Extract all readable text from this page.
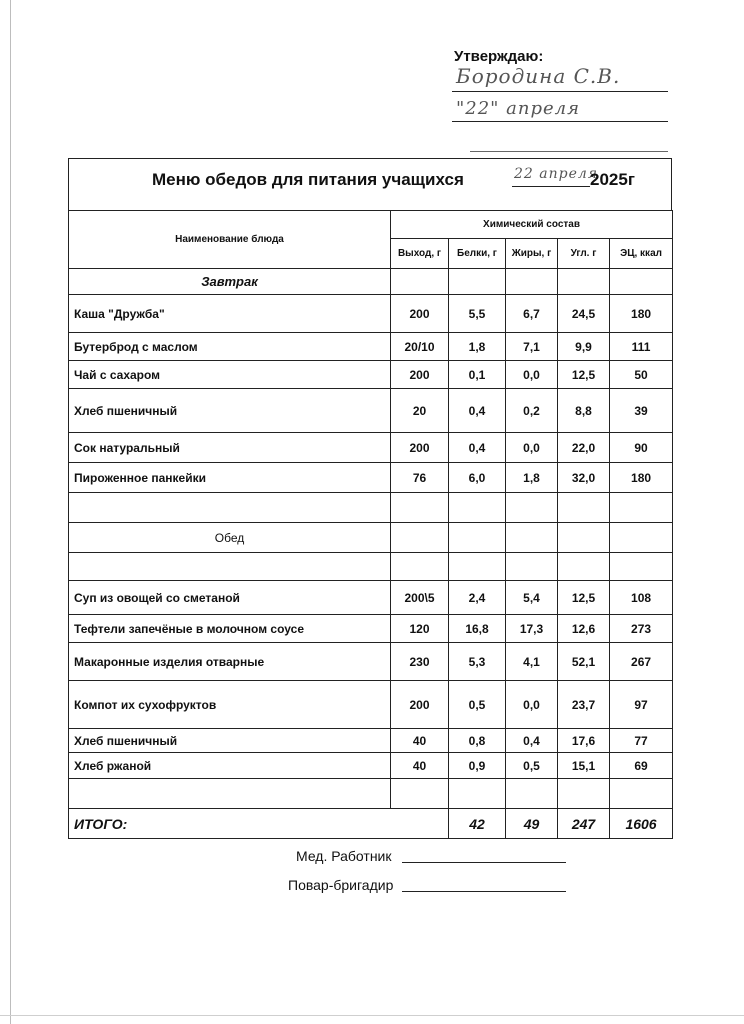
Утверждаю:
Бородина С.В.
"22" апреля
Меню обедов для питания учащихся	22 апреля
2025г
Наименование блюда	Химический состав				
	Выход, г	Белки, г	Жиры, г	Угл. г	ЭЦ, ккал
Завтрак					
Каша "Дружба"	200	5,5	6,7	24,5	180
Бутерброд с маслом	20/10	1,8	7,1	9,9	111
Чай с сахаром	200	0,1	0,0	12,5	50
Хлеб пшеничный	20	0,4	0,2	8,8	39
Сок натуральный	200	0,4	0,0	22,0	90
Пироженное панкейки	76	6,0	1,8	32,0	180

Обед					

Суп из овощей со сметаной	200\5	2,4	5,4	12,5	108
Тефтели запечёные в молочном соусе	120	16,8	17,3	12,6	273
Макаронные изделия отварные	230	5,3	4,1	52,1	267
Компот их сухофруктов	200	0,5	0,0	23,7	97
Хлеб пшеничный	40	0,8	0,4	17,6	77
Хлеб ржаной	40	0,9	0,5	15,1	69

ИТОГО:		42	49	247	1606
Мед. Работник
Повар-бригадир
